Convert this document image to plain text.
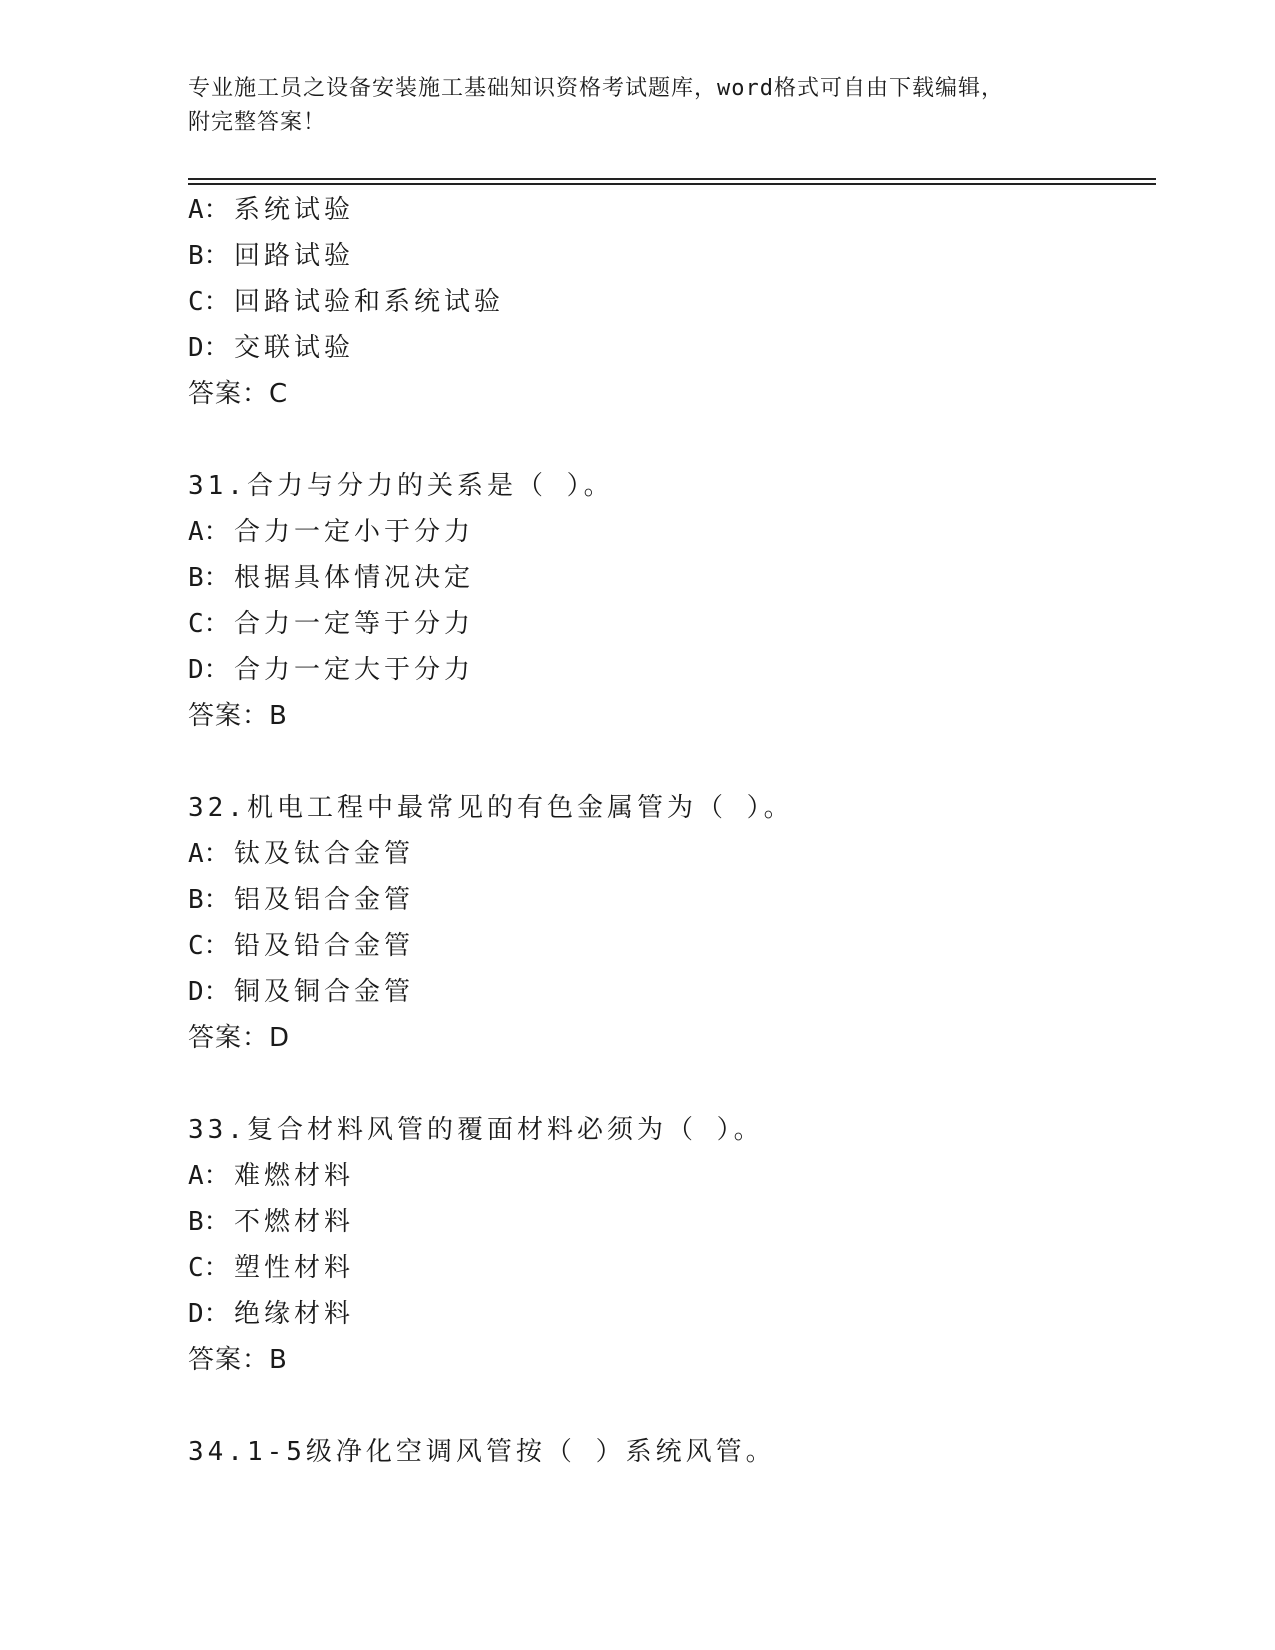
专业施工员之设备安装施工基础知识资格考试题库，word格式可自由下载编辑，
附完整答案！
A： 系统试验
B： 回路试验
C： 回路试验和系统试验
D： 交联试验
答案：C
31.合力与分力的关系是（ ）。
A： 合力一定小于分力
B： 根据具体情况决定
C： 合力一定等于分力
D： 合力一定大于分力
答案：B
32.机电工程中最常见的有色金属管为（ ）。
A： 钛及钛合金管
B： 铝及铝合金管
C： 铅及铅合金管
D： 铜及铜合金管
答案：D
33.复合材料风管的覆面材料必须为（ ）。
A： 难燃材料
B： 不燃材料
C： 塑性材料
D： 绝缘材料
答案：B
34.1-5级净化空调风管按（ ）系统风管。
